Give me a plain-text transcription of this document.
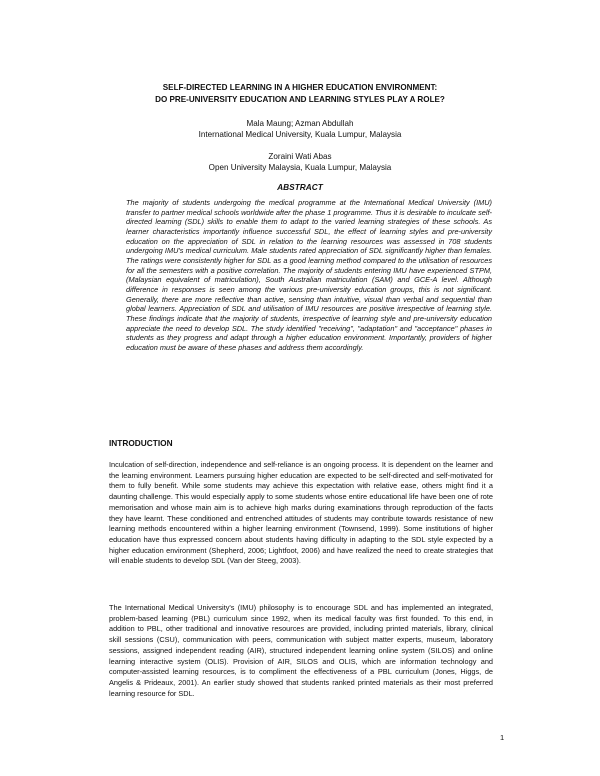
SELF-DIRECTED LEARNING IN A HIGHER EDUCATION ENVIRONMENT:
DO PRE-UNIVERSITY EDUCATION AND LEARNING STYLES PLAY A ROLE?
Mala Maung; Azman Abdullah
International Medical University, Kuala Lumpur, Malaysia
Zoraini Wati Abas
Open University Malaysia, Kuala Lumpur, Malaysia
ABSTRACT

The majority of students undergoing the medical programme at the International Medical University (IMU) transfer to partner medical schools worldwide after the phase 1 programme. Thus it is desirable to inculcate self-directed learning (SDL) skills to enable them to adapt to the varied learning strategies of these schools. As learner characteristics importantly influence successful SDL, the effect of learning styles and pre-university education on the appreciation of SDL in relation to the learning resources was assessed in 708 students undergoing IMU's medical curriculum. Male students rated appreciation of SDL significantly higher than females. The ratings were consistently higher for SDL as a good learning method compared to the utilisation of resources for all the semesters with a positive correlation. The majority of students entering IMU have experienced STPM, (Malaysian equivalent of matriculation), South Australian matriculation (SAM) and GCE-A level. Although difference in responses is seen among the various pre-university education groups, this is not significant. Generally, there are more reflective than active, sensing than intuitive, visual than verbal and sequential than global learners. Appreciation of SDL and utilisation of IMU resources are positive irrespective of learning style. These findings indicate that the majority of students, irrespective of learning style and pre-university education appreciate the need to develop SDL. The study identified "receiving", "adaptation" and "acceptance" phases in students as they progress and adapt through a higher education environment. Importantly, providers of higher education must be aware of these phases and address them accordingly.

INTRODUCTION

Inculcation of self-direction, independence and self-reliance is an ongoing process. It is dependent on the learner and the learning environment. Learners pursuing higher education are expected to be self-directed and self-motivated for them to fully benefit. While some students may achieve this expectation with relative ease, others might find it a daunting challenge. This would especially apply to some students whose entire educational life have been one of rote memorisation and whose main aim is to achieve high marks during examinations through reproduction of the facts they have learnt. These conditioned and entrenched attitudes of students may contribute towards resistance of new learning methods encountered within a higher learning environment (Townsend, 1999). Some institutions of higher education have thus expressed concern about students having difficulty in adapting to the SDL style expected by a higher education environment (Shepherd, 2006; Lightfoot, 2006) and have realized the need to create strategies that will enable students to develop SDL (Van der Steeg, 2003).

The International Medical University's (IMU) philosophy is to encourage SDL and has implemented an integrated, problem-based learning (PBL) curriculum since 1992, when its medical faculty was first founded. To this end, in addition to PBL, other traditional and innovative resources are provided, including printed materials, library, clinical skill sessions (CSU), communication with peers, communication with subject matter experts, museum, laboratory sessions, assigned independent reading (AIR), structured independent learning online system (SILOS) and online learning interactive system (OLIS). Provision of AIR, SILOS and OLIS, which are information technology and computer-assisted learning resources, is to compliment the effectiveness of a PBL curriculum (Jones, Higgs, de Angelis & Prideaux, 2001). An earlier study showed that students ranked printed materials as their most preferred learning resource for SDL.

1
